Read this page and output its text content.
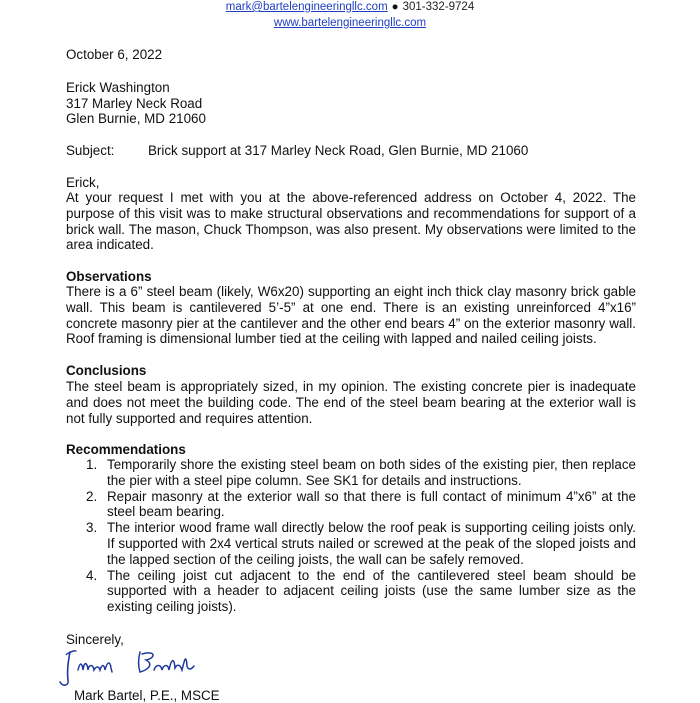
mark@bartelengineeringllc.com ● 301-332-9724
www.bartelengineeringllc.com
October 6, 2022
Erick Washington
317 Marley Neck Road
Glen Burnie, MD 21060
Subject:	Brick support at 317 Marley Neck Road, Glen Burnie, MD 21060
Erick,
At your request I met with you at the above-referenced address on October 4, 2022. The purpose of this visit was to make structural observations and recommendations for support of a brick wall. The mason, Chuck Thompson, was also present. My observations were limited to the area indicated.
Observations
There is a 6” steel beam (likely, W6x20) supporting an eight inch thick clay masonry brick gable wall. This beam is cantilevered 5’-5” at one end. There is an existing unreinforced 4”x16” concrete masonry pier at the cantilever and the other end bears 4” on the exterior masonry wall. Roof framing is dimensional lumber tied at the ceiling with lapped and nailed ceiling joists.
Conclusions
The steel beam is appropriately sized, in my opinion. The existing concrete pier is inadequate and does not meet the building code. The end of the steel beam bearing at the exterior wall is not fully supported and requires attention.
Recommendations
1. Temporarily shore the existing steel beam on both sides of the existing pier, then replace the pier with a steel pipe column. See SK1 for details and instructions.
2. Repair masonry at the exterior wall so that there is full contact of minimum 4”x6” at the steel beam bearing.
3. The interior wood frame wall directly below the roof peak is supporting ceiling joists only. If supported with 2x4 vertical struts nailed or screwed at the peak of the sloped joists and the lapped section of the ceiling joists, the wall can be safely removed.
4. The ceiling joist cut adjacent to the end of the cantilevered steel beam should be supported with a header to adjacent ceiling joists (use the same lumber size as the existing ceiling joists).
Sincerely,
Mark Bartel, P.E., MSCE
